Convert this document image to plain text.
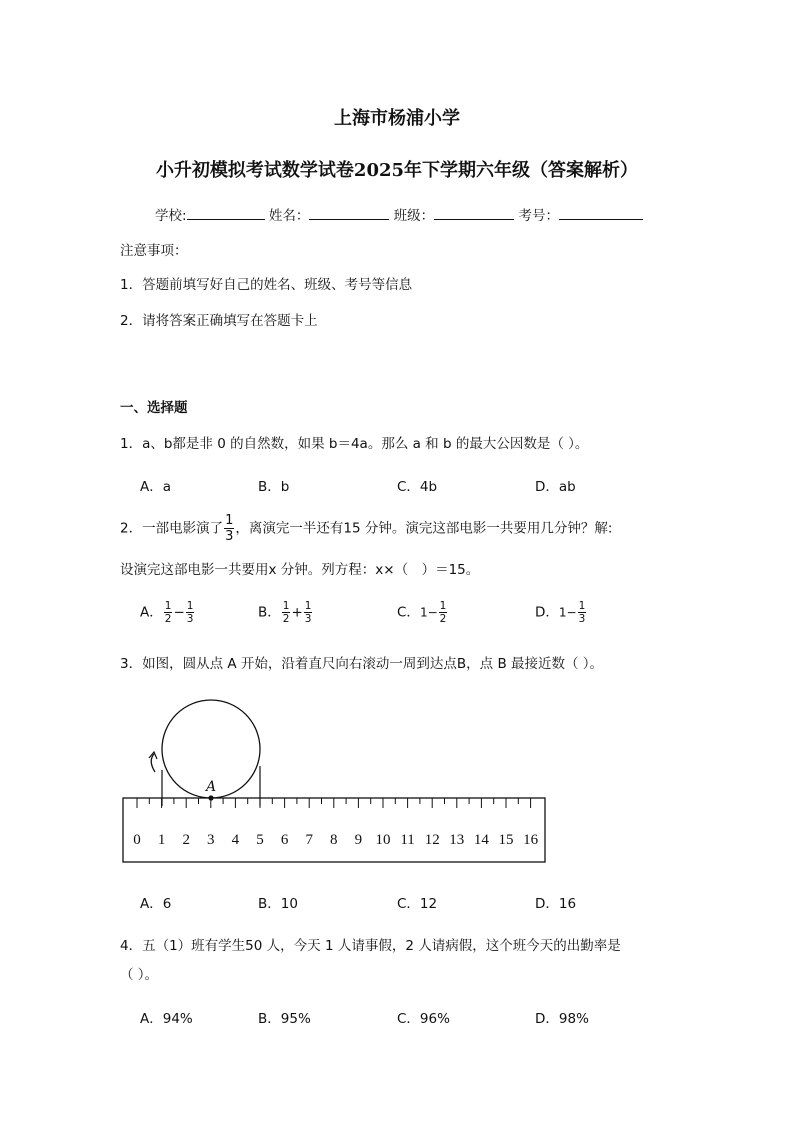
上海市杨浦小学
小升初模拟考试数学试卷2025年下学期六年级（答案解析）
学校:	姓名：	班级：	考号：
注意事项：
1．答题前填写好自己的姓名、班级、考号等信息
2．请将答案正确填写在答题卡上
一、选择题
1．a、b都是非 0 的自然数，如果 b＝4a。那么 a 和 b 的最大公因数是（ ）。
A．a	B．b	C．4b	D．ab
2．一部电影演了 $\frac{1}{3}$ ，离演完一半还有15 分钟。演完这部电影一共要用几分钟？解:
设演完这部电影一共要用x 分钟。列方程：x×（　）＝15。
A． $\frac{1}{2} - \frac{1}{3}$	B． $\frac{1}{2} + \frac{1}{3}$	C．$1- \frac{1}{2}$	D．$1- \frac{1}{3}$
3．如图，圆从点 A 开始，沿着直尺向右滚动一周到达点B，点 B 最接近数（ ）。
A
0 1 2 3 4 5 6 7 8 9 10 11 12 13 14 15 16
A．6	B．10	C．12	D．16
4．五（1）班有学生50 人，今天 1 人请事假，2 人请病假，这个班今天的出勤率是
（ ）。
A．94%	B．95%	C．96%	D．98%
